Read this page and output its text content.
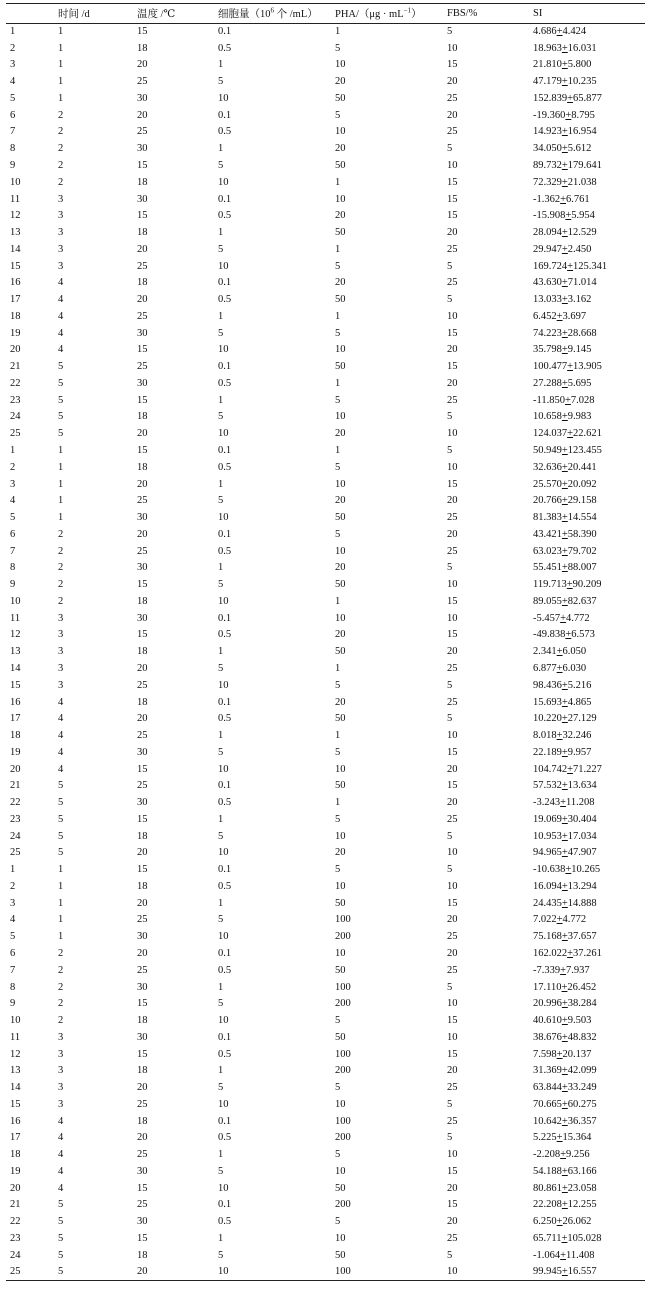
	时间 /d	温度 /℃	细胞量（$10^6$ 个 /mL）	$PHA/(\mu g \cdot mL^{-1})$	FBS/%	SI
1	1	15	0.1	1	5	4.686+4.424
2	1	18	0.5	5	10	18.963+16.031
3	1	20	1	10	15	21.810+5.800
4	1	25	5	20	20	47.179+10.235
5	1	30	10	50	25	152.839+65.877
6	2	20	0.1	5	20	-19.360+8.795
7	2	25	0.5	10	25	14.923+16.954
8	2	30	1	20	5	34.050+5.612
9	2	15	5	50	10	89.732+179.641
10	2	18	10	1	15	72.329+21.038
11	3	30	0.1	10	15	-1.362+6.761
12	3	15	0.5	20	15	-15.908+5.954
13	3	18	1	50	20	28.094+12.529
14	3	20	5	1	25	29.947+2.450
15	3	25	10	5	5	169.724+125.341
16	4	18	0.1	20	25	43.630+71.014
17	4	20	0.5	50	5	13.033+3.162
18	4	25	1	1	10	6.452+3.697
19	4	30	5	5	15	74.223+28.668
20	4	15	10	10	20	35.798+9.145
21	5	25	0.1	50	15	100.477+13.905
22	5	30	0.5	1	20	27.288+5.695
23	5	15	1	5	25	-11.850+7.028
24	5	18	5	10	5	10.658+9.983
25	5	20	10	20	10	124.037+22.621
1	1	15	0.1	1	5	50.949+123.455
2	1	18	0.5	5	10	32.636+20.441
3	1	20	1	10	15	25.570+20.092
4	1	25	5	20	20	20.766+29.158
5	1	30	10	50	25	81.383+14.554
6	2	20	0.1	5	20	43.421+58.390
7	2	25	0.5	10	25	63.023+79.702
8	2	30	1	20	5	55.451+88.007
9	2	15	5	50	10	119.713+90.209
10	2	18	10	1	15	89.055+82.637
11	3	30	0.1	10	10	-5.457+4.772
12	3	15	0.5	20	15	-49.838+6.573
13	3	18	1	50	20	2.341+6.050
14	3	20	5	1	25	6.877+6.030
15	3	25	10	5	5	98.436+5.216
16	4	18	0.1	20	25	15.693+4.865
17	4	20	0.5	50	5	10.220+27.129
18	4	25	1	1	10	8.018+32.246
19	4	30	5	5	15	22.189+9.957
20	4	15	10	10	20	104.742+71.227
21	5	25	0.1	50	15	57.532+13.634
22	5	30	0.5	1	20	-3.243+11.208
23	5	15	1	5	25	19.069+30.404
24	5	18	5	10	5	10.953+17.034
25	5	20	10	20	10	94.965+47.907
1	1	15	0.1	5	5	-10.638+10.265
2	1	18	0.5	10	10	16.094+13.294
3	1	20	1	50	15	24.435+14.888
4	1	25	5	100	20	7.022+4.772
5	1	30	10	200	25	75.168+37.657
6	2	20	0.1	10	20	162.022+37.261
7	2	25	0.5	50	25	-7.339+7.937
8	2	30	1	100	5	17.110+26.452
9	2	15	5	200	10	20.996+38.284
10	2	18	10	5	15	40.610+9.503
11	3	30	0.1	50	10	38.676+48.832
12	3	15	0.5	100	15	7.598+20.137
13	3	18	1	200	20	31.369+42.099
14	3	20	5	5	25	63.844+33.249
15	3	25	10	10	5	70.665+60.275
16	4	18	0.1	100	25	10.642+36.357
17	4	20	0.5	200	5	5.225+15.364
18	4	25	1	5	10	-2.208+9.256
19	4	30	5	10	15	54.188+63.166
20	4	15	10	50	20	80.861+23.058
21	5	25	0.1	200	15	22.208+12.255
22	5	30	0.5	5	20	6.250+26.062
23	5	15	1	10	25	65.711+105.028
24	5	18	5	50	5	-1.064+11.408
25	5	20	10	100	10	99.945+16.557
